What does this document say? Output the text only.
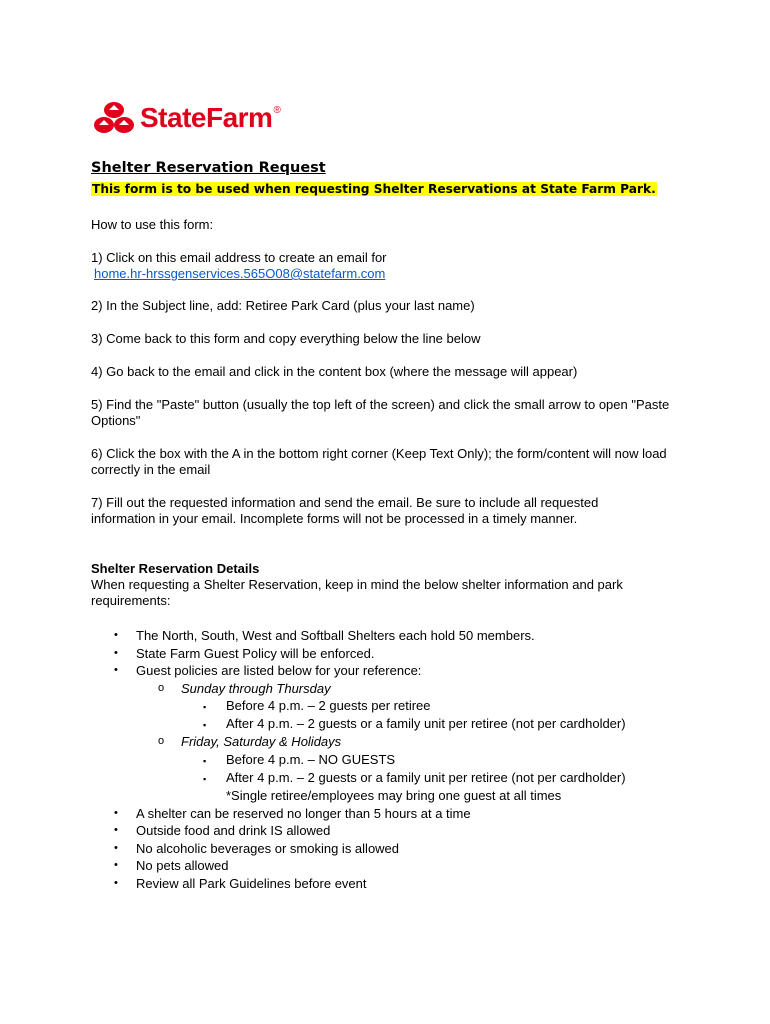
StateFarm®
Shelter Reservation Request
This form is to be used when requesting Shelter Reservations at State Farm Park.
How to use this form:
1) Click on this email address to create an email for
home.hr-hrssgenservices.565O08@statefarm.com
2) In the Subject line, add: Retiree Park Card (plus your last name)
3) Come back to this form and copy everything below the line below
4) Go back to the email and click in the content box (where the message will appear)
5) Find the "Paste" button (usually the top left of the screen) and click the small arrow to open "Paste Options"
6) Click the box with the A in the bottom right corner (Keep Text Only); the form/content will now load correctly in the email
7) Fill out the requested information and send the email. Be sure to include all requested information in your email. Incomplete forms will not be processed in a timely manner.
Shelter Reservation Details
When requesting a Shelter Reservation, keep in mind the below shelter information and park requirements:
• The North, South, West and Softball Shelters each hold 50 members.
• State Farm Guest Policy will be enforced.
• Guest policies are listed below for your reference:
o Sunday through Thursday
▪ Before 4 p.m. – 2 guests per retiree
▪ After 4 p.m. – 2 guests or a family unit per retiree (not per cardholder)
o Friday, Saturday & Holidays
▪ Before 4 p.m. – NO GUESTS
▪ After 4 p.m. – 2 guests or a family unit per retiree (not per cardholder)
*Single retiree/employees may bring one guest at all times
• A shelter can be reserved no longer than 5 hours at a time
• Outside food and drink IS allowed
• No alcoholic beverages or smoking is allowed
• No pets allowed
• Review all Park Guidelines before event
